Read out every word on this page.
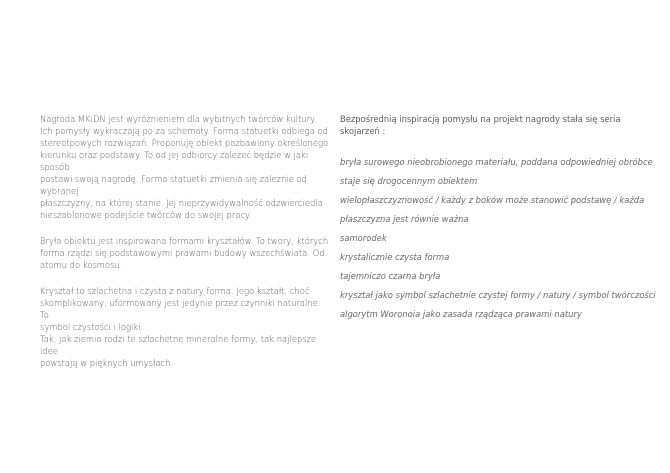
Nagroda MKiDN jest wyróżnieniem dla wybitnych twórców kultury.
Ich pomysły wykraczają po za schematy. Forma statuetki odbiega od
stereotpowych rozwiązań. Proponuję obiekt pozbawiony określonego
kierunku oraz podstawy. To od jej odbiorcy zależeć będzie w jaki sposób
postawi swoją nagrodę. Forma statuetki zmienia się zależnie od wybranej
płaszczyzny, na której stanie. Jej nieprzywidywalność odzwierciedla
nieszablonowe podejście twórców do swojej pracy.

Bryła obiektu jest inspirowana formami kryształów. To twory, których
forma rządzi się podstawowymi prawami budowy wszechświata. Od
atomu do kosmosu.

Kryształ to szlachetna i czysta z natury forma. Jego kształt, choć
skomplikowany, uformowany jest jedynie przez czynniki naturalne. To
symbol czystości i logiki.
Tak, jak ziemia rodzi te szlachetne mineralne formy, tak najlepsze idee
powstają w pięknych umysłach.

Bezpośrednią inspiracją pomysłu na projekt nagrody stała się seria
skojarzeń :

bryła surowego nieobrobionego materiału, poddana odpowiedniej obróbce
staje się drogocennym obiektem
wielopłaszczyznowość / każdy z boków może stanowić podstawę / każda
płaszczyzna jest równie ważna
samorodek
krystalicznie czysta forma
tajemniczo czarna bryła
kryształ jako symbol szlachetnie czystej formy / natury / symbol twórczości
algorytm Woronoia jako zasada rządząca prawami natury
